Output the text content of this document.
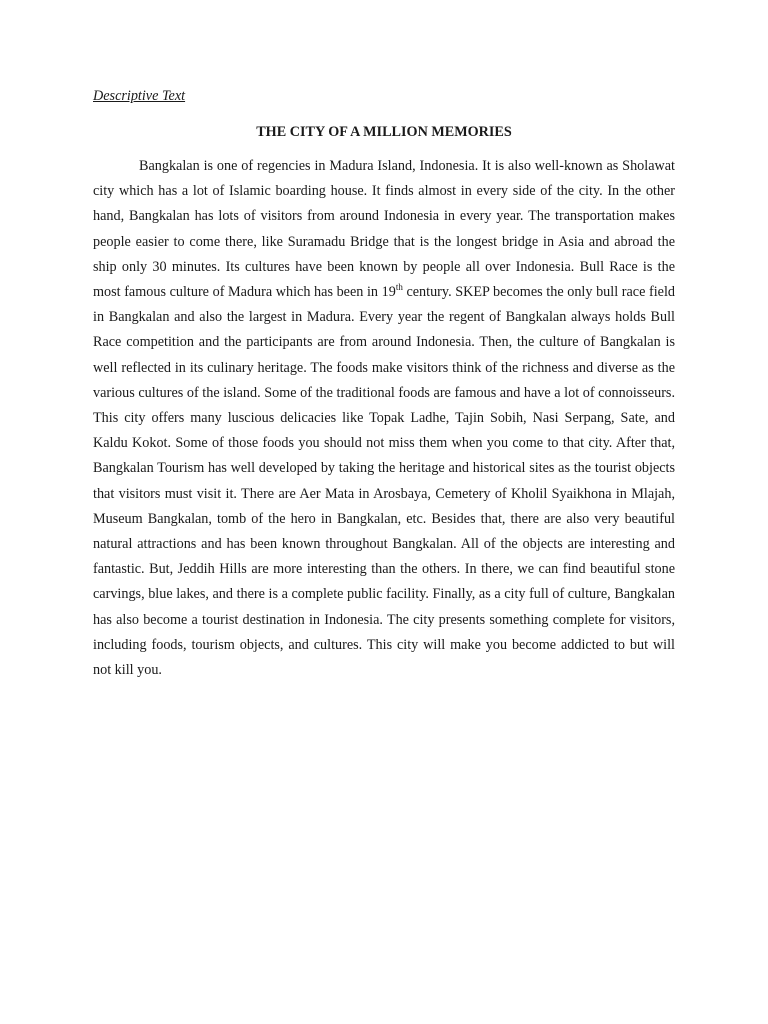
Descriptive Text

THE CITY OF A MILLION MEMORIES

Bangkalan is one of regencies in Madura Island, Indonesia. It is also well-known as Sholawat city which has a lot of Islamic boarding house. It finds almost in every side of the city. In the other hand, Bangkalan has lots of visitors from around Indonesia in every year. The transportation makes people easier to come there, like Suramadu Bridge that is the longest bridge in Asia and abroad the ship only 30 minutes. Its cultures have been known by people all over Indonesia. Bull Race is the most famous culture of Madura which has been in 19th century. SKEP becomes the only bull race field in Bangkalan and also the largest in Madura. Every year the regent of Bangkalan always holds Bull Race competition and the participants are from around Indonesia. Then, the culture of Bangkalan is well reflected in its culinary heritage. The foods make visitors think of the richness and diverse as the various cultures of the island. Some of the traditional foods are famous and have a lot of connoisseurs. This city offers many luscious delicacies like Topak Ladhe, Tajin Sobih, Nasi Serpang, Sate, and Kaldu Kokot. Some of those foods you should not miss them when you come to that city. After that, Bangkalan Tourism has well developed by taking the heritage and historical sites as the tourist objects that visitors must visit it. There are Aer Mata in Arosbaya, Cemetery of Kholil Syaikhona in Mlajah, Museum Bangkalan, tomb of the hero in Bangkalan, etc. Besides that, there are also very beautiful natural attractions and has been known throughout Bangkalan. All of the objects are interesting and fantastic. But, Jeddih Hills are more interesting than the others. In there, we can find beautiful stone carvings, blue lakes, and there is a complete public facility. Finally, as a city full of culture, Bangkalan has also become a tourist destination in Indonesia. The city presents something complete for visitors, including foods, tourism objects, and cultures. This city will make you become addicted to but will not kill you.
